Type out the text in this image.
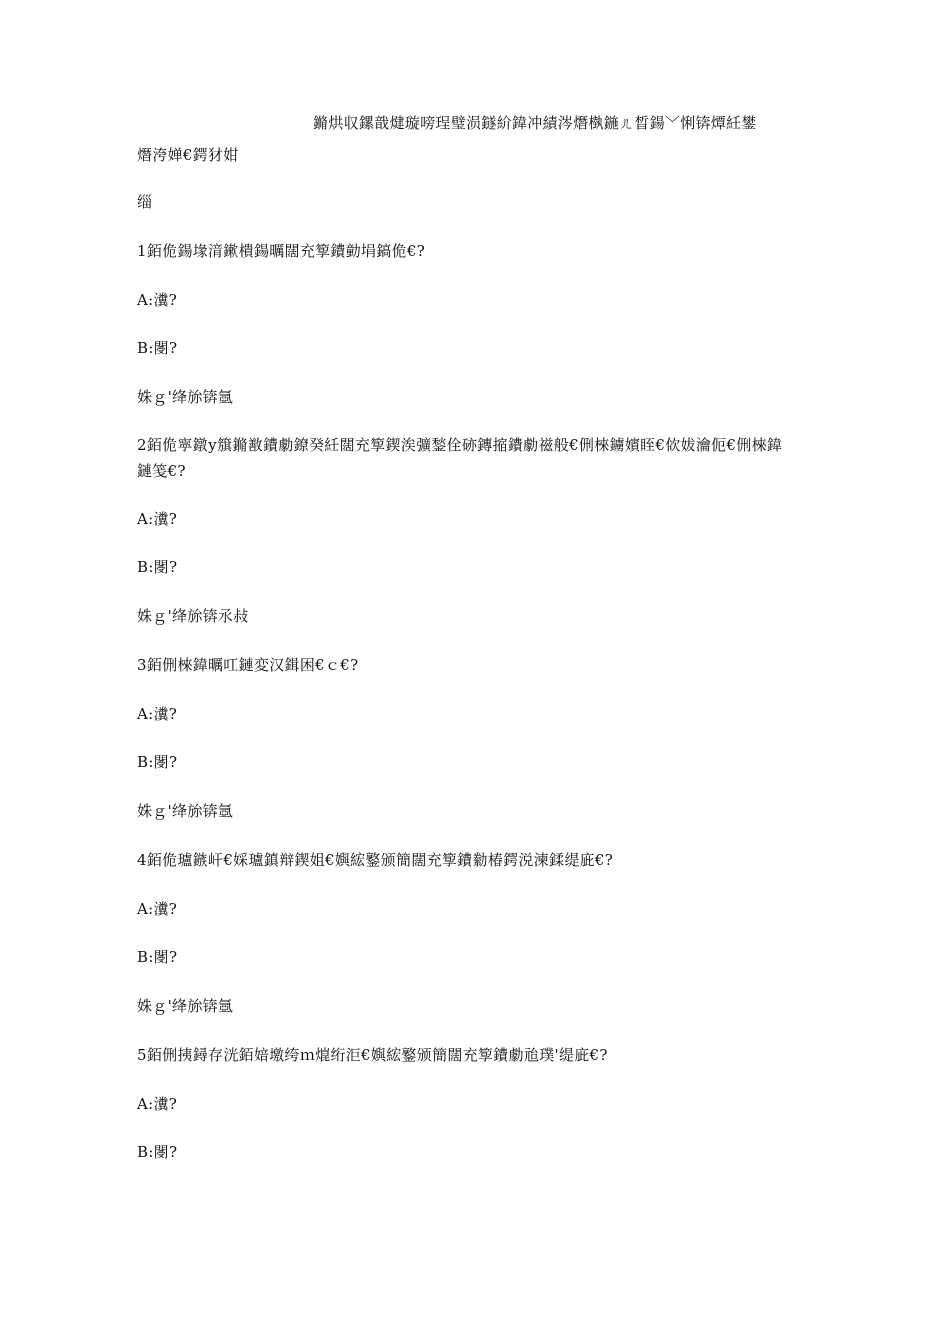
鏅烘収鏍戠煡璇嗙珵璧涢鐩紒鍏冲績涔熸槸鍦ㄦ晳鍚﹀悧锛燂紝鐢
熸洿婵€鍔犲姏
缁
1銆佹鍚堟湇鏉樻鍚曞闊充箰鐨勭埍鎬佹€?
A:瀵?
B:閿?
姝ｇ'绛旀锛氬
2銆佹寜鐓у簱鏅敾鐨勮鐐癸紝闊充箰鍥涘彍鍫佺硛鏄摍鐨勮禌般€侀棶鐪嬪眰€佽妭瀹伌€侀棶鍏
鏈笺€?
A:瀵?
B:閿?
姝ｇ'绛旀锛氶敊
3銆侀棶鍏曞叿鏈変汉鍓困€ｃ€?
A:瀵?
B:閿?
姝ｇ'绛旀锛氬
4銆佹瓐鏃屽€婇瓐鎮辩鍥姐€嬩綋鐜颁簡闊充箰鐨勬椿鍔涚湅鍒缇庛€?
A:瀵?
B:閿?
姝ｇ'绛旀锛氬
5銆侀挗鐞存洸銆婄墽绔ｍ熴绗洰€嬩綋鐜颁簡闊充箰鐨勮兘璞'缇庛€?
A:瀵?
B:閿?
